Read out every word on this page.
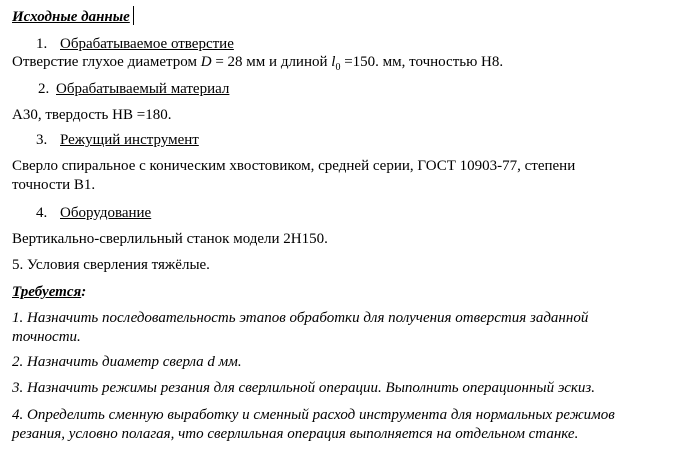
Исходные данные
1. Обрабатываемое отверстие
Отверстие глухое диаметром D = 28 мм и длиной $l_0 =150$. мм, точностью Н8.
2. Обрабатываемый материал
А30, твердость НВ =180.
3. Режущий инструмент
Сверло спиральное с коническим хвостовиком, средней серии, ГОСТ 10903-77, степени
точности В1.
4. Оборудование
Вертикально-сверлильный станок модели 2Н150.
5. Условия сверления тяжёлые.
Требуется:
1. Назначить последовательность этапов обработки для получения отверстия заданной
точности.
2. Назначить диаметр сверла d мм.
3. Назначить режимы резания для сверлильной операции. Выполнить операционный эскиз.
4. Определить сменную выработку и сменный расход инструмента для нормальных режимов
резания, условно полагая, что сверлильная операция выполняется на отдельном станке.
